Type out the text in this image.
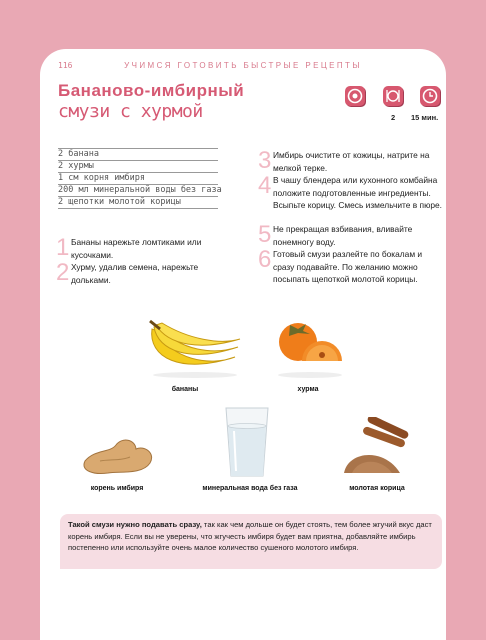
116	УЧИМСЯ ГОТОВИТЬ БЫСТРЫЕ РЕЦЕПТЫ
Бананово-имбирный
смузи с хурмой	2 15 мин.
2 банана
2 хурмы
1 см корня имбиря
200 мл минеральной воды без газа
2 щепотки молотой корицы
1 Бананы нарежьте ломтиками или кусочками.
2 Хурму, удалив семена, нарежьте дольками.
3 Имбирь очистите от кожицы, натрите на мелкой терке.
4 В чашу блендера или кухонного комбайна положите подготовленные ингредиенты. Всыпьте корицу. Смесь измельчите в пюре.
5 Не прекращая взбивания, вливайте понемногу воду.
6 Готовый смузи разлейте по бокалам и сразу подавайте. По желанию можно посыпать щепоткой молотой корицы.
бананы	хурма
корень имбиря	минеральная вода без газа	молотая корица
Такой смузи нужно подавать сразу, так как чем дольше он будет стоять, тем более жгучий вкус даст корень имбиря. Если вы не уверены, что жгучесть имбиря будет вам приятна, добавляйте имбирь постепенно или используйте очень малое количество сушеного молотого имбиря.
